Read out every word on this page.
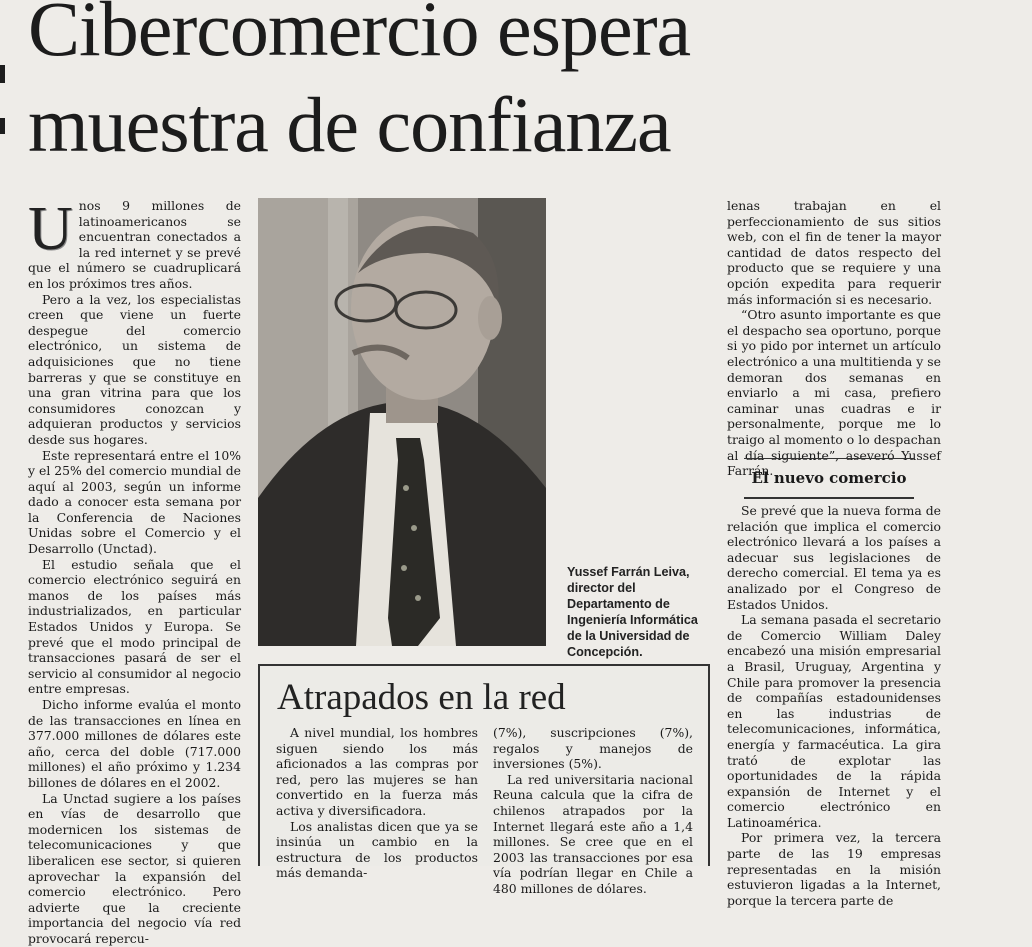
Cibercomercio espera
muestra de confianza

Unos 9 millones de latinoamericanos se encuentran conectados a la red internet y se prevé que el número se cuadruplicará en los próximos tres años.

Pero a la vez, los especialistas creen que viene un fuerte despegue del comercio electrónico, un sistema de adquisiciones que no tiene barreras y que se constituye en una gran vitrina para que los consumidores conozcan y adquieran productos y servicios desde sus hogares.

Este representará entre el 10% y el 25% del comercio mundial de aquí al 2003, según un informe dado a conocer esta semana por la Conferencia de Naciones Unidas sobre el Comercio y el Desarrollo (Unctad).

El estudio señala que el comercio electrónico seguirá en manos de los países más industrializados, en particular Estados Unidos y Europa. Se prevé que el modo principal de transacciones pasará de ser el servicio al consumidor al negocio entre empresas.

Dicho informe evalúa el monto de las transacciones en línea en 377.000 millones de dólares este año, cerca del doble (717.000 millones) el año próximo y 1.234 billones de dólares en el 2002.

La Unctad sugiere a los países en vías de desarrollo que modernicen los sistemas de telecomunicaciones y que liberalicen ese sector, si quieren aprovechar la expansión del comercio electrónico. Pero advierte que la creciente importancia del negocio vía red provocará repercu-

Yussef Farrán Leiva, director del Departamento de Ingeniería Informática de la Universidad de Concepción.

lenas trabajan en el perfeccionamiento de sus sitios web, con el fin de tener la mayor cantidad de datos respecto del producto que se requiere y una opción expedita para requerir más información si es necesario.

“Otro asunto importante es que el despacho sea oportuno, porque si yo pido por internet un artículo electrónico a una multitienda y se demoran dos semanas en enviarlo a mi casa, prefiero caminar unas cuadras e ir personalmente, porque me lo traigo al momento o lo despachan al día siguiente”, aseveró Yussef Farrán.

El nuevo comercio

Se prevé que la nueva forma de relación que implica el comercio electrónico llevará a los países a adecuar sus legislaciones de derecho comercial. El tema ya es analizado por el Congreso de Estados Unidos.

La semana pasada el secretario de Comercio William Daley encabezó una misión empresarial a Brasil, Uruguay, Argentina y Chile para promover la presencia de compañías estadounidenses en las industrias de telecomunicaciones, informática, energía y farmacéutica. La gira trató de explotar las oportunidades de la rápida expansión de Internet y el comercio electrónico en Latinoamérica.

Por primera vez, la tercera parte de las 19 empresas representadas en la misión estuvieron ligadas a la Internet, porque la tercera parte de

Atrapados en la red

A nivel mundial, los hombres siguen siendo los más aficionados a las compras por red, pero las mujeres se han convertido en la fuerza más activa y diversificadora.

Los analistas dicen que ya se insinúa un cambio en la estructura de los productos más demanda-

(7%), suscripciones (7%), regalos y manejos de inversiones (5%).

La red universitaria nacional Reuna calcula que la cifra de chilenos atrapados por la Internet llegará este año a 1,4 millones. Se cree que en el 2003 las transacciones por esa vía podrían llegar en Chile a 480 millones de dólares.
